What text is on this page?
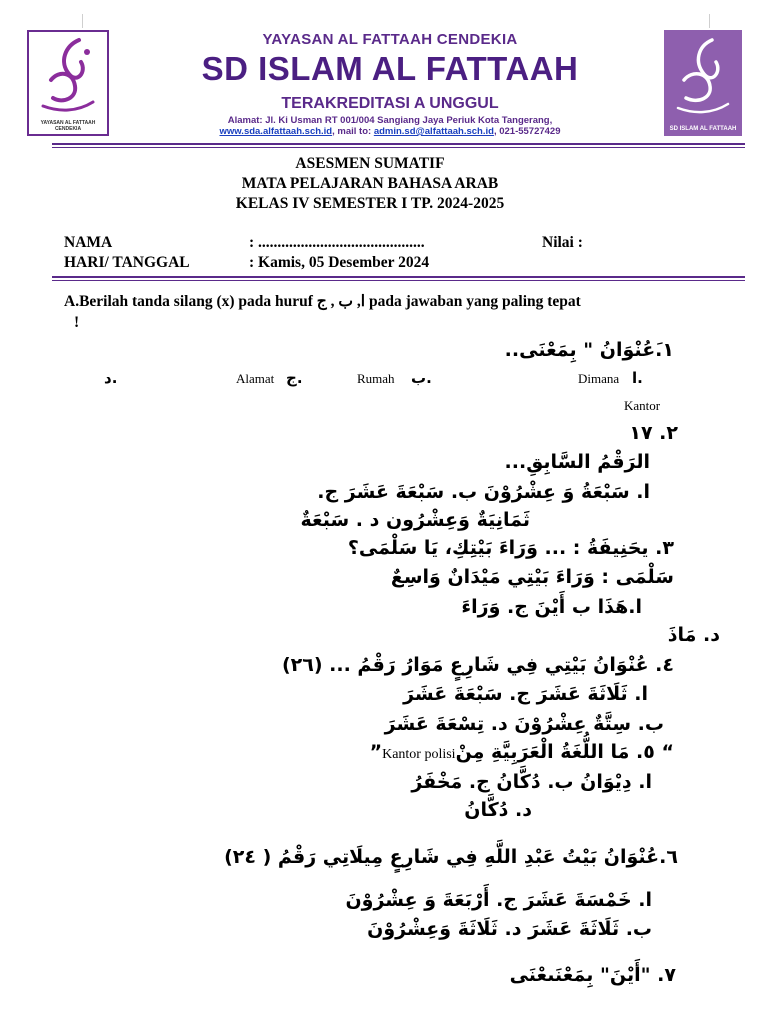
YAYASAN AL FATTAAH CENDEKIA	SD ISLAM AL FATTAAH
YAYASAN AL FATTAAH CENDEKIA
SD ISLAM AL FATTAAH
TERAKREDITASI A UNGGUL
Alamat: Jl. Ki Usman RT 001/004 Sangiang Jaya Periuk Kota Tangerang,
www.sda.alfattaah.sch.id, mail to: admin.sd@alfattaah.sch.id, 021-55727429
ASESMEN SUMATIF
MATA PELAJARAN BAHASA ARAB
KELAS IV SEMESTER I TP. 2024-2025
NAMA	: ...........................................	Nilai :
HARI/ TANGGAL	: Kamis, 05 Desember 2024
A.Berilah tanda silang (x) pada huruf ا, ب , ج pada jawaban yang paling tepat
!
١.َعُنْوَانُ " بِمَعْنَى..
ا.
Dimana
ب.
Rumah
ج.
Alamat
د.
Kantor
٢. ١٧
الرَقْمُ السَّابِقِ...
ا. سَبْعَةُ وَ عِشْرُوْنَ ب. سَبْعَةَ عَشَرَ ج.
ثَمَانِيَةٌ وَعِشْرُون د . سَبْعَةٌ
٣. يحَنِيفَةُ : ... وَرَاءَ بَيْتِكِ، يَا سَلْمَى؟
سَلْمَى : وَرَاءَ بَيْتِي مَيْدَانٌ وَاسِعٌ
ا.هَذَا ب أَيْنَ ج. وَرَاءَ
د. مَاذَ
٤. عُنْوَانُ بَيْتِي فِي شَارِعٍ مَوَارُ رَقْمُ ... (٢٦)
ا. ثَلَاثَةَ عَشَرَ ج. سَبْعَةَ عَشَرَ
ب. سِتَّةٌ عِشْرُوْنَ د. تِسْعَةَ عَشَرَ
”Kantor polisi٥. مَا اللُّغَةُ الْعَرَبِيَّةِ مِنْ “
ا. دِيْوَانُ ب. دُكَّانُ ج. مَخْفَرُ
د. دُكَّانُ
٦.عُنْوَانُ بَيْتُ عَبْدِ اللَّهِ فِي شَارِعٍ مِيلَاتِي رَقْمُ ( ٢٤)
ا. خَمْسَةَ عَشَرَ ج. أَرْبَعَةَ وَ عِشْرُوْنَ
ب. ثَلَاثَةَ عَشَرَ د. ثَلَاثَةَ وَعِشْرُوْنَ
٧. "أَيْنَ" بِمَعْنَىعْنَى
